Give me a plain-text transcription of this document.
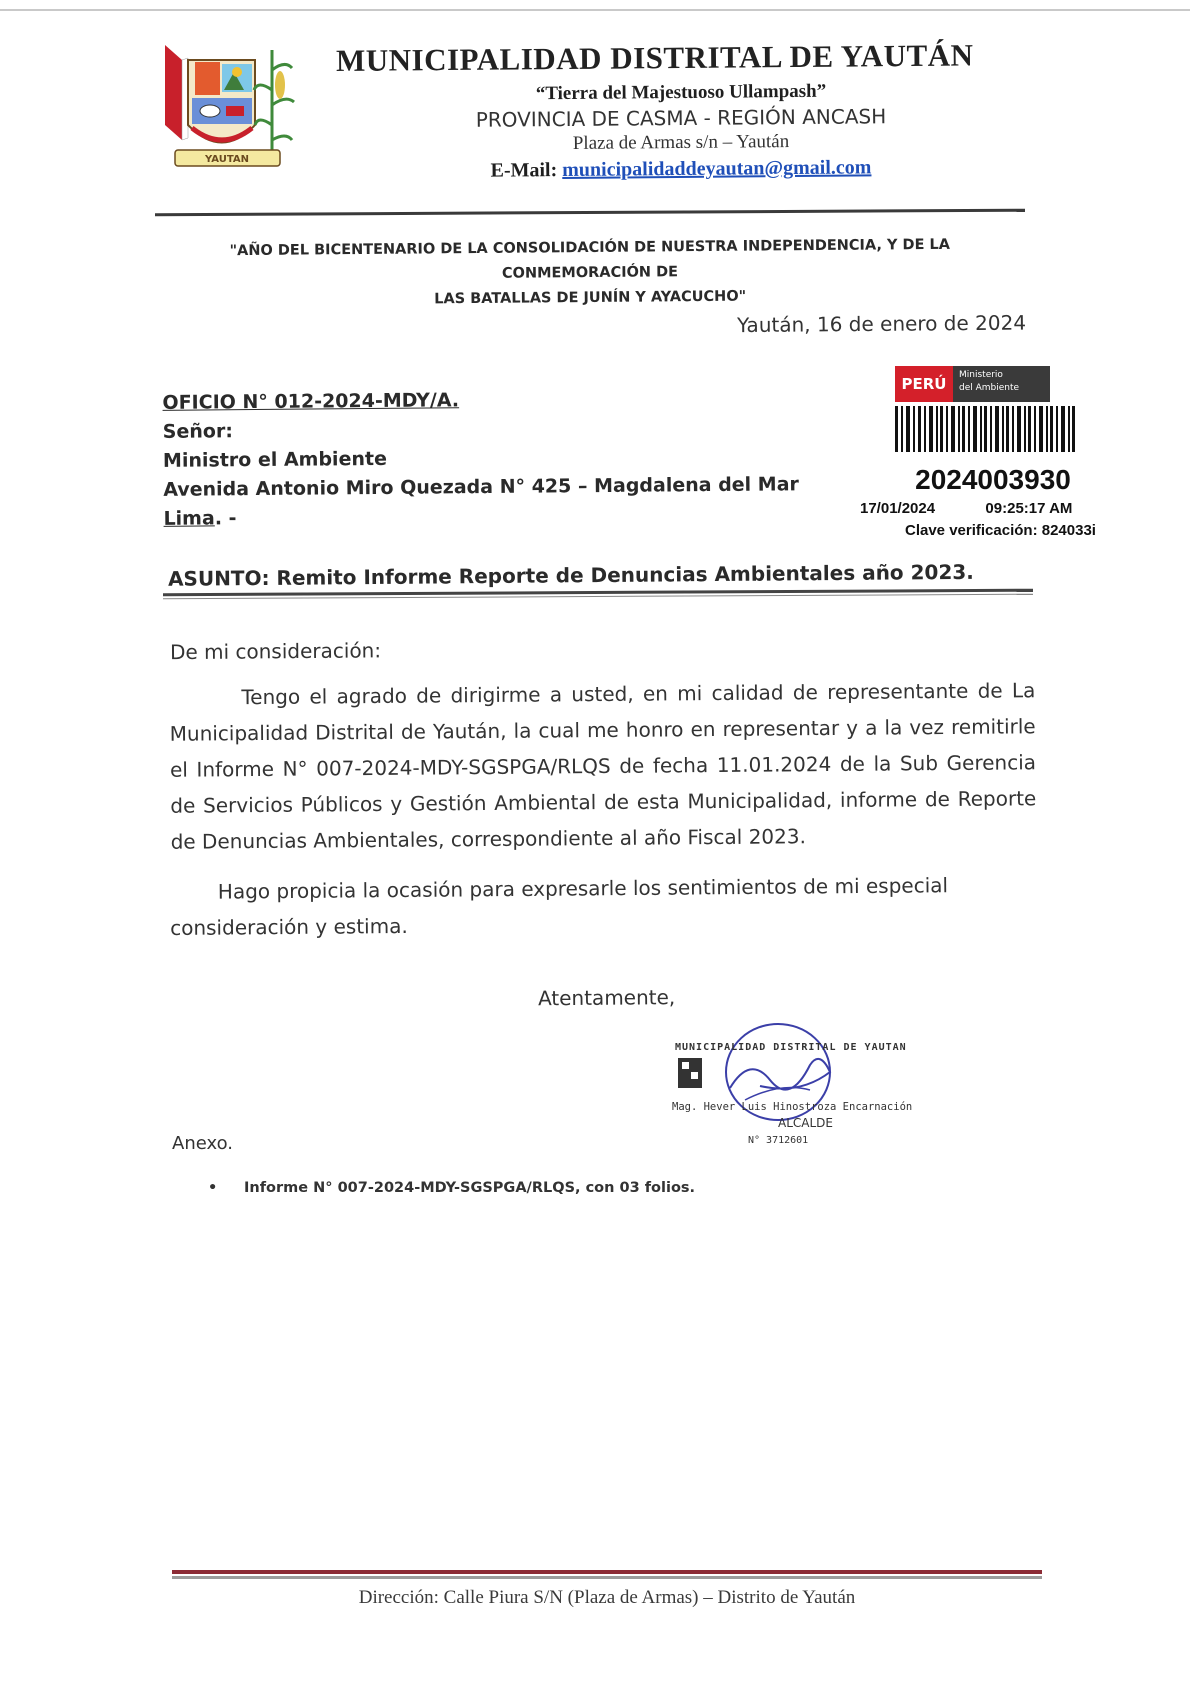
YAUTAN
MUNICIPALIDAD DISTRITAL DE YAUTÁN
“Tierra del Majestuoso Ullampash”
PROVINCIA DE CASMA - REGIÓN ANCASH
Plaza de Armas s/n – Yaután
E-Mail: municipalidaddeyautan@gmail.com
"AÑO DEL BICENTENARIO DE LA CONSOLIDACIÓN DE NUESTRA INDEPENDENCIA, Y DE LA CONMEMORACIÓN DE
LAS BATALLAS DE JUNÍN Y AYACUCHO"
Yaután, 16 de enero de 2024
OFICIO N° 012-2024-MDY/A.
Señor:
Ministro el Ambiente
Avenida Antonio Miro Quezada N° 425 – Magdalena del Mar
Lima. -
PERÚ	Ministerio
del Ambiente
2024003930
17/01/2024	09:25:17 AM
Clave verificación: 824033i
ASUNTO: Remito Informe Reporte de Denuncias Ambientales año 2023.
De mi consideración:
Tengo el agrado de dirigirme a usted, en mi calidad de representante de La Municipalidad Distrital de Yaután, la cual me honro en representar y a la vez remitirle el Informe N° 007-2024-MDY-SGSPGA/RLQS de fecha 11.01.2024 de la Sub Gerencia de Servicios Públicos y Gestión Ambiental de esta Municipalidad, informe de Reporte de Denuncias Ambientales, correspondiente al año Fiscal 2023.
Hago propicia la ocasión para expresarle los sentimientos de mi especial consideración y estima.
Atentamente,
MUNICIPALIDAD DISTRITAL DE YAUTAN
Mag. Hever Luis Hinostroza Encarnación
ALCALDE
N° 3712601
Anexo.
• Informe N° 007-2024-MDY-SGSPGA/RLQS, con 03 folios.
Dirección: Calle Piura S/N (Plaza de Armas) – Distrito de Yaután
